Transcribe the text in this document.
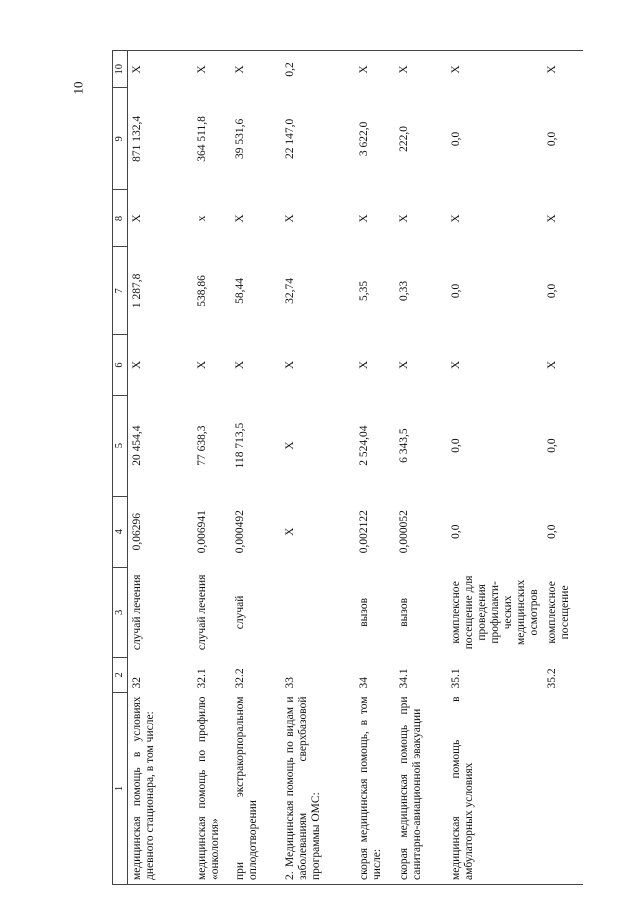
10
1	2	3	4	5	6	7	8	9	10
медицинская помощь в условиях дневного стационара, в том числе:	32	случай лечения	0,06296	20 454,4	X	1 287,8	X	871 132,4	X
медицинская помощь по профилю «онкология»	32.1	случай лечения	0,006941	77 638,3	X	538,86	x	364 511,8	X
при экстракорпоральном оплодотворении	32.2	случай	0,000492	118 713,5	X	58,44	X	39 531,6	X
2. Медицинская помощь по видам и заболеваниям сверхбазовой программы ОМС:	33		X	X	X	32,74	X	22 147,0	0,2
скорая медицинская помощь, в том числе:	34	вызов	0,002122	2 524,04	X	5,35	X	3 622,0	X
скорая медицинская помощь при санитарно-авиационной эвакуации	34.1	вызов	0,000052	6 343,5	X	0,33	X	222,0	X
медицинская помощь в амбулаторных условиях	35.1	комплексное посещение для проведения профилакти-ческих медицинских осмотров	0,0	0,0	X	0,0	X	0,0	X
	35.2	комплексное посещение	0,0	0,0	X	0,0	X	0,0	X
